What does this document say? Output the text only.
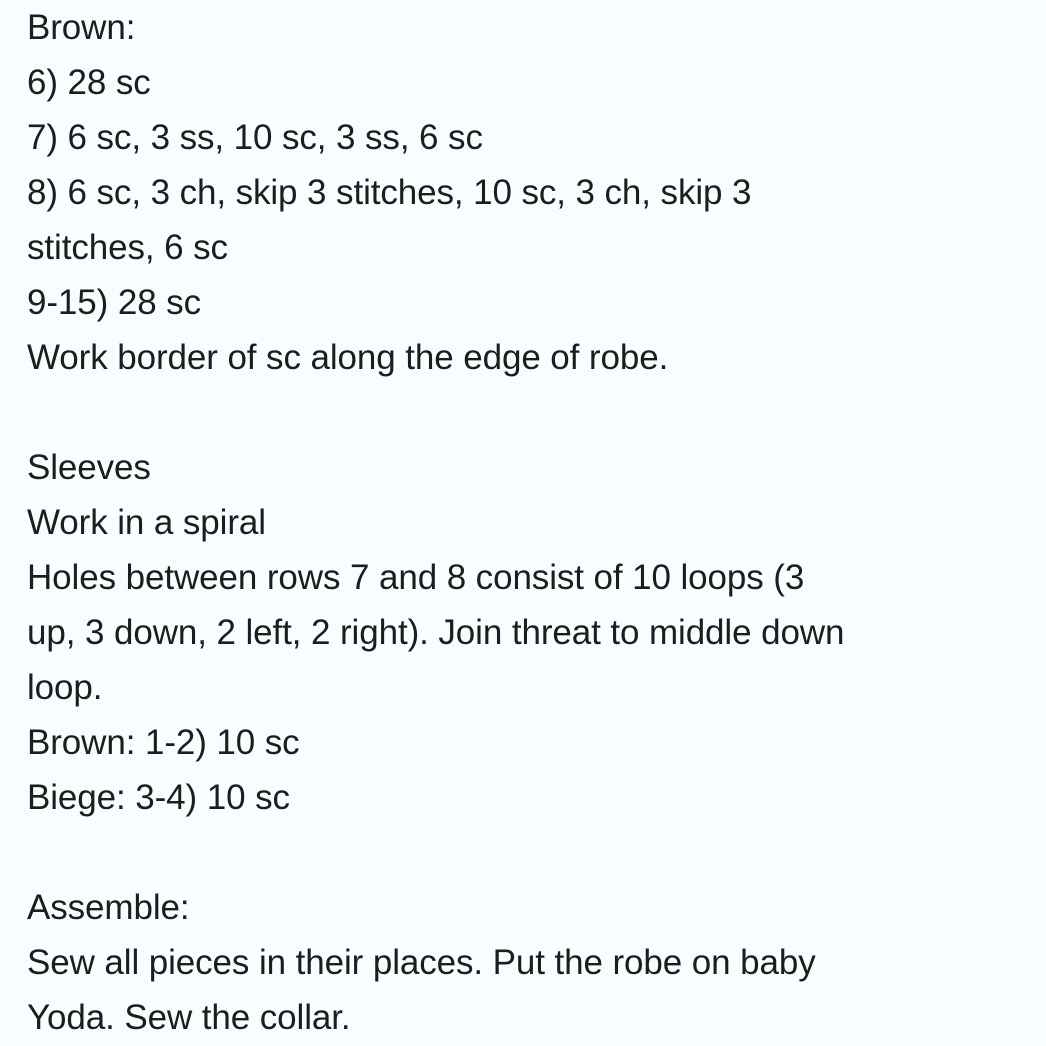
Brown:
6) 28 sc
7) 6 sc, 3 ss, 10 sc, 3 ss, 6 sc
8) 6 sc, 3 ch, skip 3 stitches, 10 sc, 3 ch, skip 3
stitches, 6 sc
9-15) 28 sc
Work border of sc along the edge of robe.
Sleeves
Work in a spiral
Holes between rows 7 and 8 consist of 10 loops (3
up, 3 down, 2 left, 2 right). Join threat to middle down
loop.
Brown: 1-2) 10 sc
Biege: 3-4) 10 sc
Assemble:
Sew all pieces in their places. Put the robe on baby
Yoda. Sew the collar.
